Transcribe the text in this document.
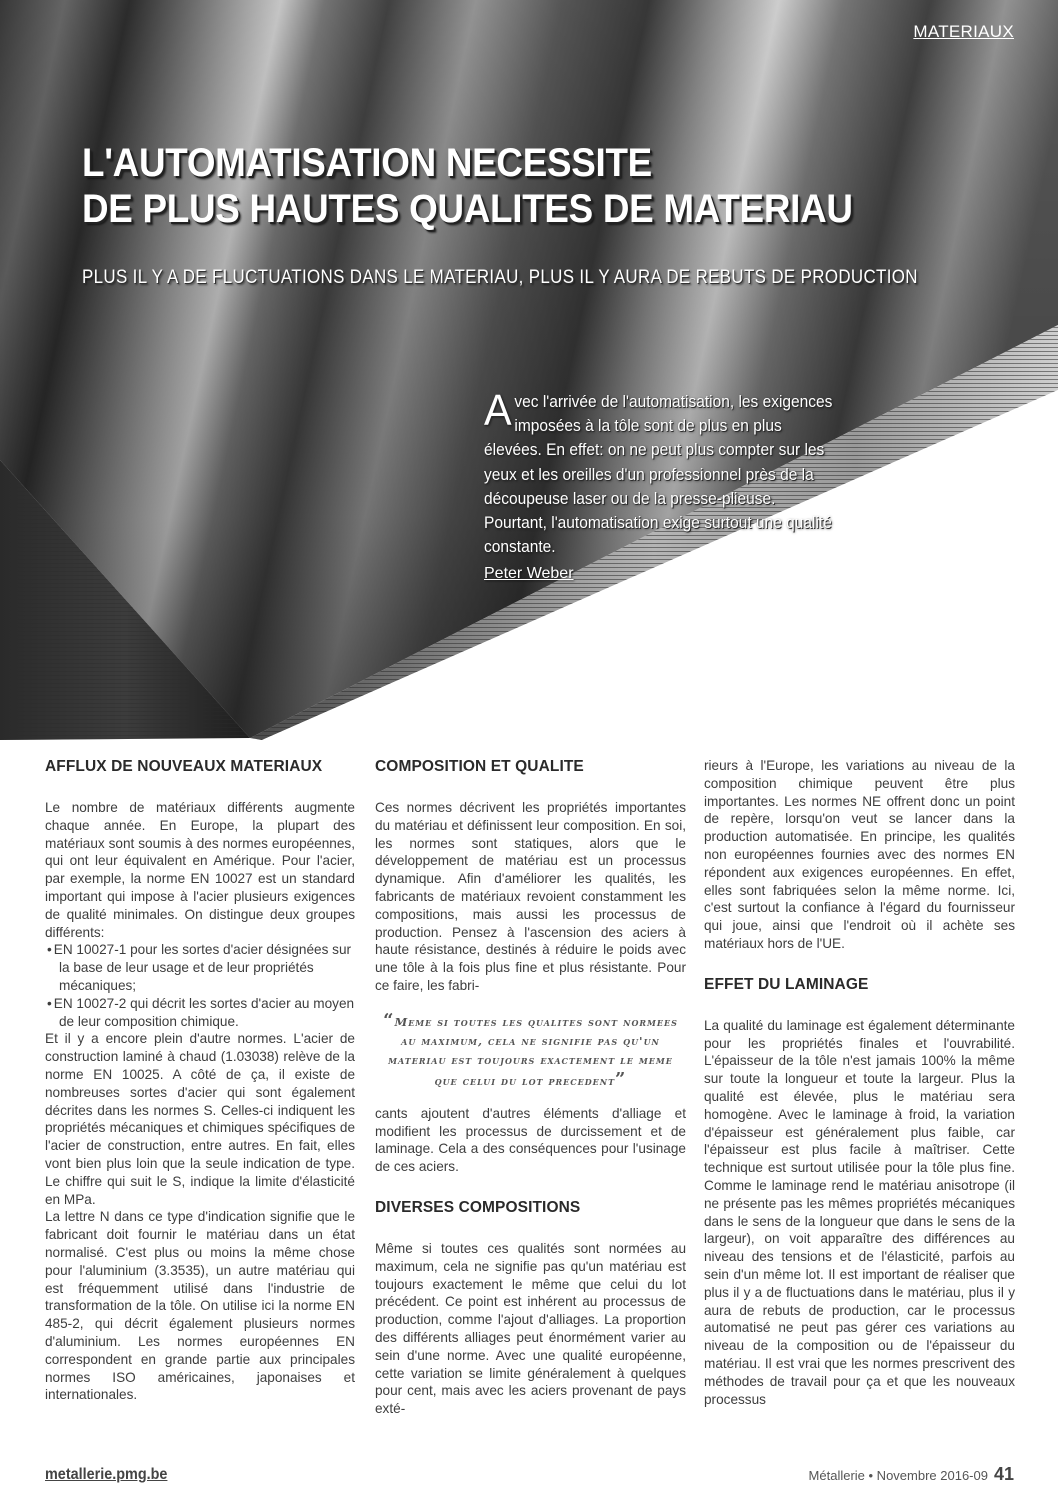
MATERIAUX
L'AUTOMATISATION NECESSITE
DE PLUS HAUTES QUALITES DE MATERIAU
PLUS IL Y A DE FLUCTUATIONS DANS LE MATERIAU, PLUS IL Y AURA DE REBUTS DE PRODUCTION

Avec l'arrivée de l'automatisation, les exigences imposées à la tôle sont de plus en plus élevées. En effet: on ne peut plus compter sur les yeux et les oreilles d'un professionnel près de la découpeuse laser ou de la presse-plieuse. Pourtant, l'automatisation exige surtout une qualité constante.

Peter Weber
AFFLUX DE NOUVEAUX MATERIAUX

Le nombre de matériaux différents augmente chaque année. En Europe, la plupart des matériaux sont soumis à des normes européennes, qui ont leur équivalent en Amérique. Pour l'acier, par exemple, la norme EN 10027 est un standard important qui impose à l'acier plusieurs exigences de qualité minimales. On distingue deux groupes différents:

• EN 10027-1 pour les sortes d'acier désignées sur la base de leur usage et de leur propriétés mécaniques;
• EN 10027-2 qui décrit les sortes d'acier au moyen de leur composition chimique.

Et il y a encore plein d'autre normes. L'acier de construction laminé à chaud (1.03038) relève de la norme EN 10025. A côté de ça, il existe de nombreuses sortes d'acier qui sont également décrites dans les normes S. Celles-ci indiquent les propriétés mécaniques et chimiques spécifiques de l'acier de construction, entre autres. En fait, elles vont bien plus loin que la seule indication de type. Le chiffre qui suit le S, indique la limite d'élasticité en MPa.

La lettre N dans ce type d'indication signifie que le fabricant doit fournir le matériau dans un état normalisé. C'est plus ou moins la même chose pour l'aluminium (3.3535), un autre matériau qui est fréquemment utilisé dans l'industrie de transformation de la tôle. On utilise ici la norme EN 485-2, qui décrit également plusieurs normes d'aluminium. Les normes européennes EN correspondent en grande partie aux principales normes ISO américaines, japonaises et internationales.

COMPOSITION ET QUALITE

Ces normes décrivent les propriétés importantes du matériau et définissent leur composition. En soi, les normes sont statiques, alors que le développement de matériau est un processus dynamique. Afin d'améliorer les qualités, les fabricants de matériaux revoient constamment les compositions, mais aussi les processus de production. Pensez à l'ascension des aciers à haute résistance, destinés à réduire le poids avec une tôle à la fois plus fine et plus résistante. Pour ce faire, les fabri-

“Meme si toutes les qualites sont normees au maximum, cela ne signifie pas qu'un materiau est toujours exactement le meme que celui du lot precedent”

cants ajoutent d'autres éléments d'alliage et modifient les processus de durcissement et de laminage. Cela a des conséquences pour l'usinage de ces aciers.

DIVERSES COMPOSITIONS

Même si toutes ces qualités sont normées au maximum, cela ne signifie pas qu'un matériau est toujours exactement le même que celui du lot précédent. Ce point est inhérent au processus de production, comme l'ajout d'alliages. La proportion des différents alliages peut énormément varier au sein d'une norme. Avec une qualité européenne, cette variation se limite généralement à quelques pour cent, mais avec les aciers provenant de pays exté-

rieurs à l'Europe, les variations au niveau de la composition chimique peuvent être plus importantes. Les normes NE offrent donc un point de repère, lorsqu'on veut se lancer dans la production automatisée. En principe, les qualités non européennes fournies avec des normes EN répondent aux exigences européennes. En effet, elles sont fabriquées selon la même norme. Ici, c'est surtout la confiance à l'égard du fournisseur qui joue, ainsi que l'endroit où il achète ses matériaux hors de l'UE.

EFFET DU LAMINAGE

La qualité du laminage est également déterminante pour les propriétés finales et l'ouvrabilité. L'épaisseur de la tôle n'est jamais 100% la même sur toute la longueur et toute la largeur. Plus la qualité est élevée, plus le matériau sera homogène. Avec le laminage à froid, la variation d'épaisseur est généralement plus faible, car l'épaisseur est plus facile à maîtriser. Cette technique est surtout utilisée pour la tôle plus fine. Comme le laminage rend le matériau anisotrope (il ne présente pas les mêmes propriétés mécaniques dans le sens de la longueur que dans le sens de la largeur), on voit apparaître des différences au niveau des tensions et de l'élasticité, parfois au sein d'un même lot. Il est important de réaliser que plus il y a de fluctuations dans le matériau, plus il y aura de rebuts de production, car le processus automatisé ne peut pas gérer ces variations au niveau de la composition ou de l'épaisseur du matériau. Il est vrai que les normes prescrivent des méthodes de travail pour ça et que les nouveaux processus

metallerie.pmg.be	Métallerie • Novembre 2016-09 41
